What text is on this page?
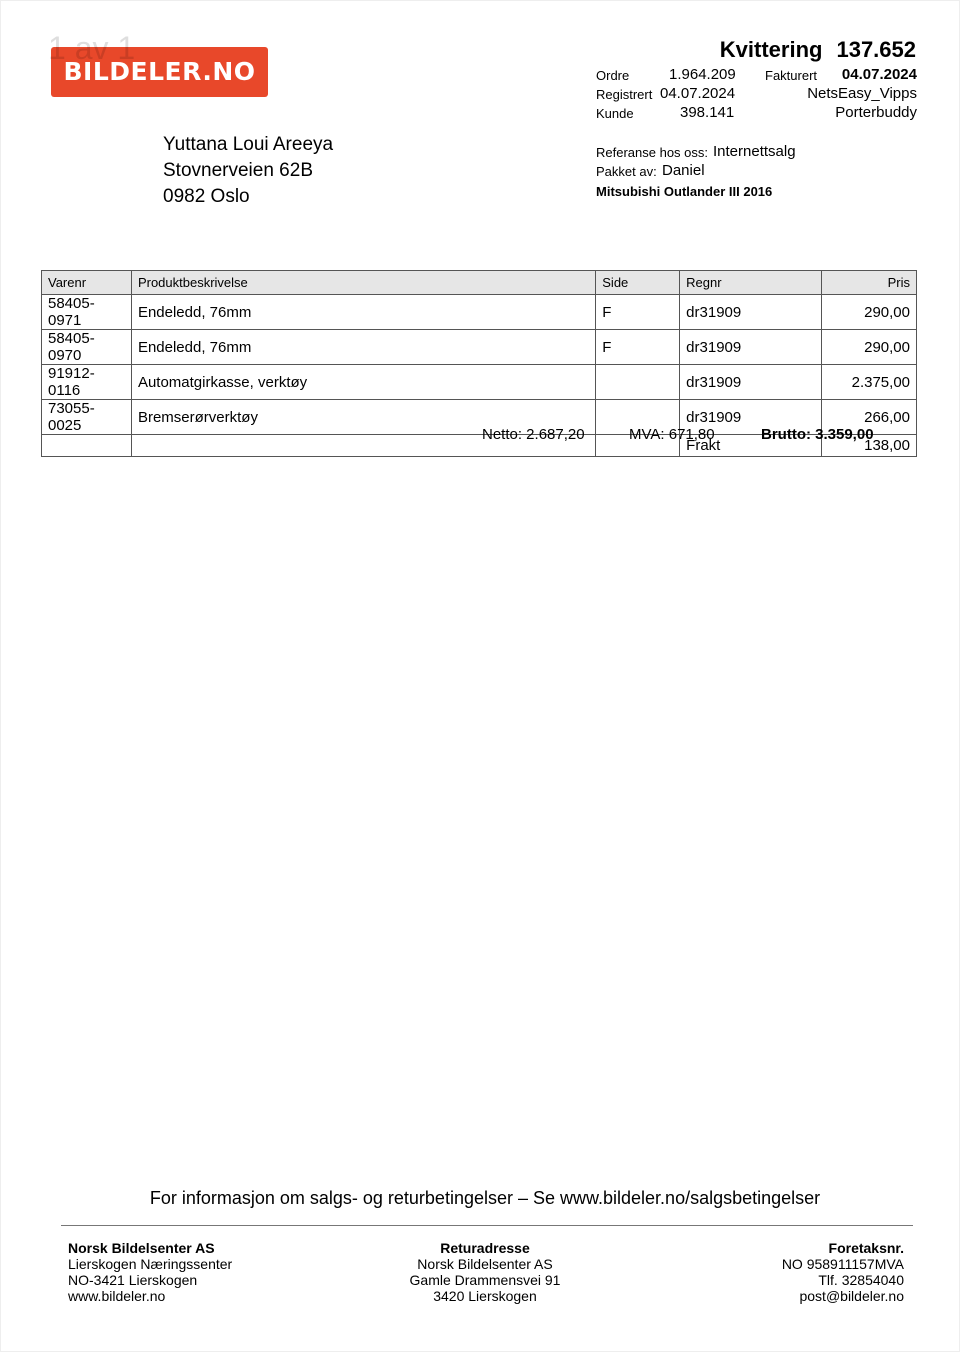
BILDELER.NO
1 av 1	Kvittering 137.652
Ordre	1.964.209 Fakturert 04.07.2024
Registrert 04.07.2024	NetsEasy_Vipps
Kunde	398.141	Porterbuddy
Referanse hos oss: Internettsalg
Pakket av: Daniel
Mitsubishi Outlander III 2016
Yuttana Loui Areeya
Stovnerveien 62B
0982 Oslo
Varenr	Produktbeskrivelse	Side	Regnr	Pris
58405-0971	Endeledd, 76mm	F	dr31909	290,00
58405-0970	Endeledd, 76mm	F	dr31909	290,00
91912-0116	Automatgirkasse, verktøy		dr31909	2.375,00
73055-0025	Bremserørverktøy		dr31909	266,00
			Frakt	138,00
Netto: 2.687,20	MVA: 671,80	Brutto: 3.359,00
For informasjon om salgs- og returbetingelser – Se www.bildeler.no/salgsbetingelser
Norsk Bildelsenter AS
Lierskogen Næringssenter
NO-3421 Lierskogen
www.bildeler.no
Returadresse
Norsk Bildelsenter AS
Gamle Drammensvei 91
3420 Lierskogen
Foretaksnr.
NO 958911157MVA
Tlf. 32854040
post@bildeler.no
